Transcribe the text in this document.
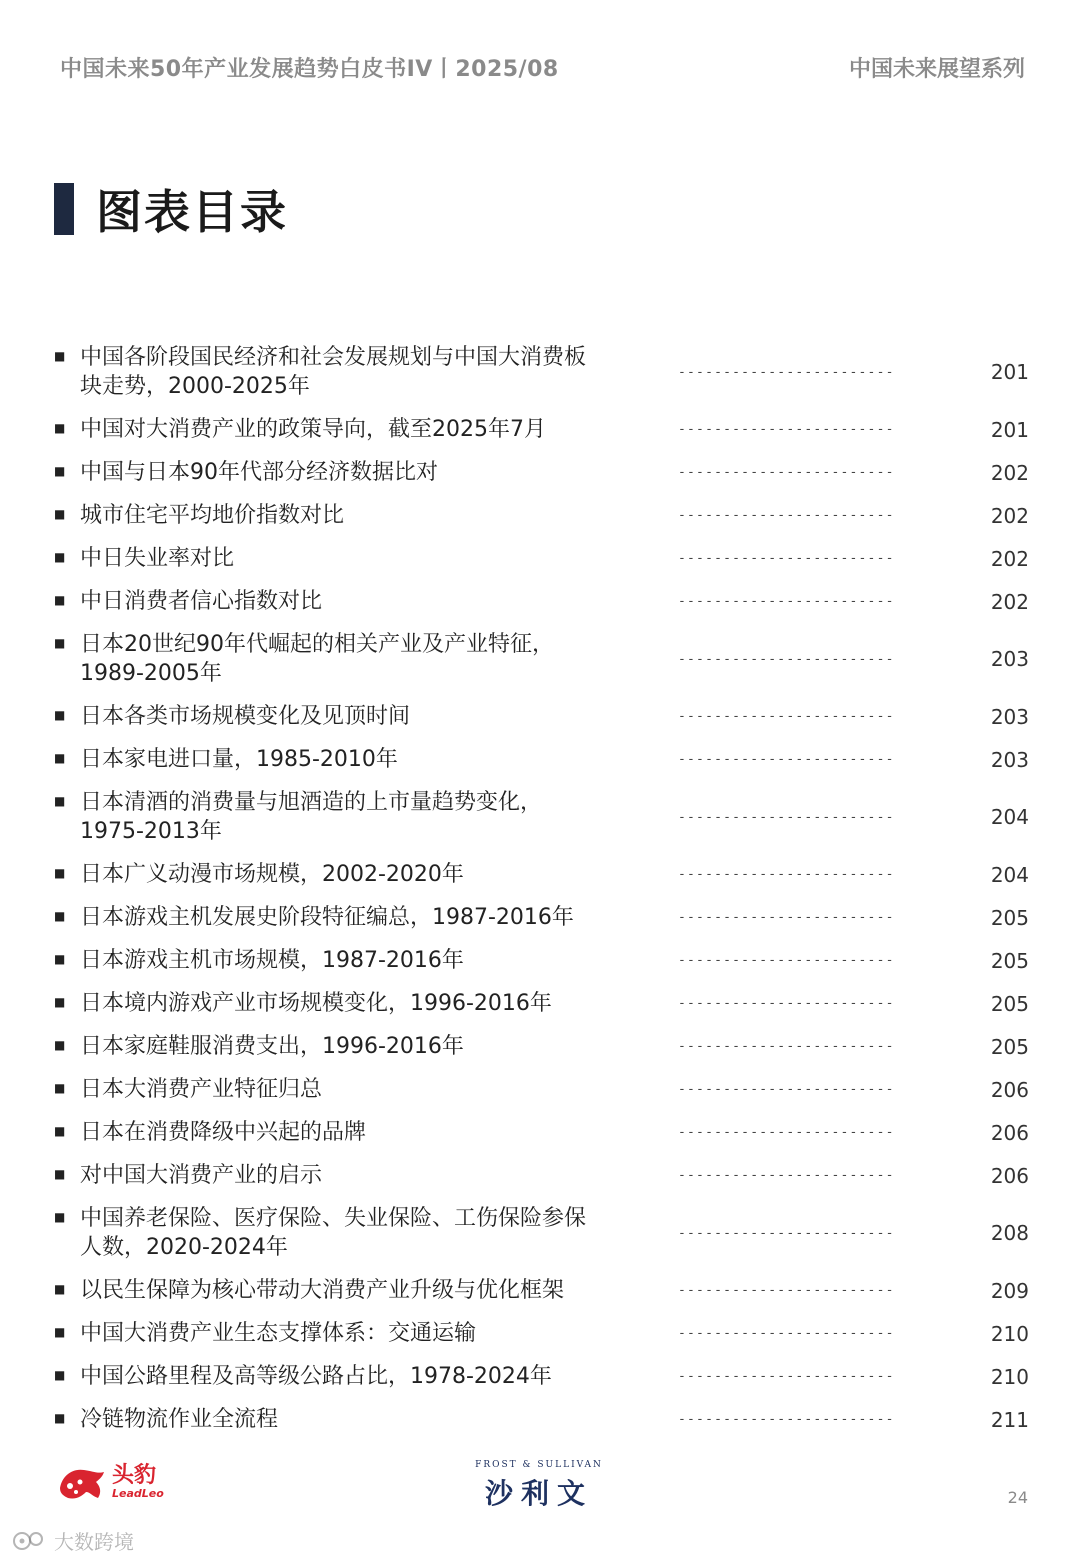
中国未来50年产业发展趋势白皮书IV丨2025/08	中国未来展望系列
图表目录
■ 中国各阶段国民经济和社会发展规划与中国大消费板
块走势，2000-2025年
------------------------	201
■ 中国对大消费产业的政策导向，截至2025年7月	------------------------	201
■ 中国与日本90年代部分经济数据比对	------------------------	202
■ 城市住宅平均地价指数对比	------------------------	202
■ 中日失业率对比	------------------------	202
■ 中日消费者信心指数对比	------------------------	202
■ 日本20世纪90年代崛起的相关产业及产业特征，
1989-2005年
------------------------	203
■ 日本各类市场规模变化及见顶时间	------------------------	203
■ 日本家电进口量，1985-2010年	------------------------	203
■ 日本清酒的消费量与旭酒造的上市量趋势变化，
1975-2013年
------------------------	204
■ 日本广义动漫市场规模，2002-2020年	------------------------	204
■ 日本游戏主机发展史阶段特征编总，1987-2016年	------------------------	205
■ 日本游戏主机市场规模，1987-2016年	------------------------	205
■ 日本境内游戏产业市场规模变化，1996-2016年	------------------------	205
■ 日本家庭鞋服消费支出，1996-2016年	------------------------	205
■ 日本大消费产业特征归总	------------------------	206
■ 日本在消费降级中兴起的品牌	------------------------	206
■ 对中国大消费产业的启示	------------------------	206
■ 中国养老保险、医疗保险、失业保险、工伤保险参保
人数，2020-2024年
------------------------	208
■ 以民生保障为核心带动大消费产业升级与优化框架	------------------------	209
■ 中国大消费产业生态支撑体系：交通运输	------------------------	210
■ 中国公路里程及高等级公路占比，1978-2024年	------------------------	210
■ 冷链物流作业全流程	------------------------	211
头豹
LeadLeo
FROST & SULLIVAN
沙利文	24
大数跨境
